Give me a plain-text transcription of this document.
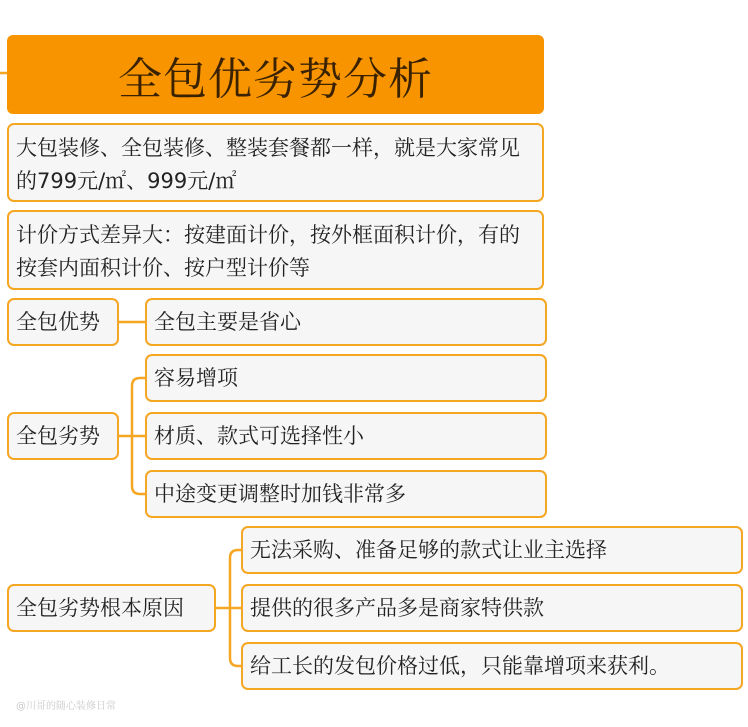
全包优劣势分析
大包装修、全包装修、整装套餐都一样，就是大家常见的799元/㎡、999元/㎡
计价方式差异大：按建面计价，按外框面积计价，有的按套内面积计价、按户型计价等
全包优势	全包主要是省心
全包劣势
容易增项
材质、款式可选择性小
中途变更调整时加钱非常多
全包劣势根本原因
无法采购、准备足够的款式让业主选择
提供的很多产品多是商家特供款
给工长的发包价格过低，只能靠增项来获利。
@川哥的随心装修日常
